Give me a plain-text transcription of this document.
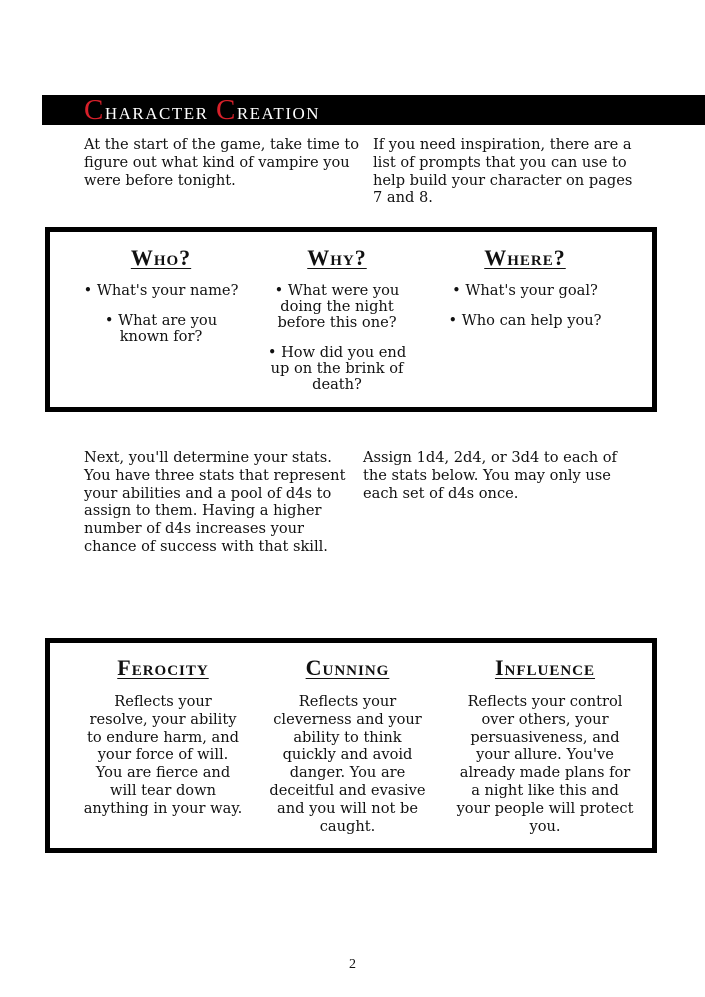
Character Creation

At the start of the game, take time to figure out what kind of vampire you were before tonight.

If you need inspiration, there are a list of prompts that you can use to help build your character on pages 7 and 8.

Who?
• What's your name?
• What are you known for?
Why?
• What were you doing the night before this one?
• How did you end up on the brink of death?
Where?
• What's your goal?
• Who can help you?

Next, you'll determine your stats. You have three stats that represent your abilities and a pool of d4s to assign to them. Having a higher number of d4s increases your chance of success with that skill.

Assign 1d4, 2d4, or 3d4 to each of the stats below. You may only use each set of d4s once.

Ferocity

Reflects your resolve, your ability to endure harm, and your force of will. You are fierce and will tear down anything in your way.

Cunning

Reflects your cleverness and your ability to think quickly and avoid danger. You are deceitful and evasive and you will not be caught.

Influence

Reflects your control over others, your persuasiveness, and your allure. You've already made plans for a night like this and your people will protect you.

2
